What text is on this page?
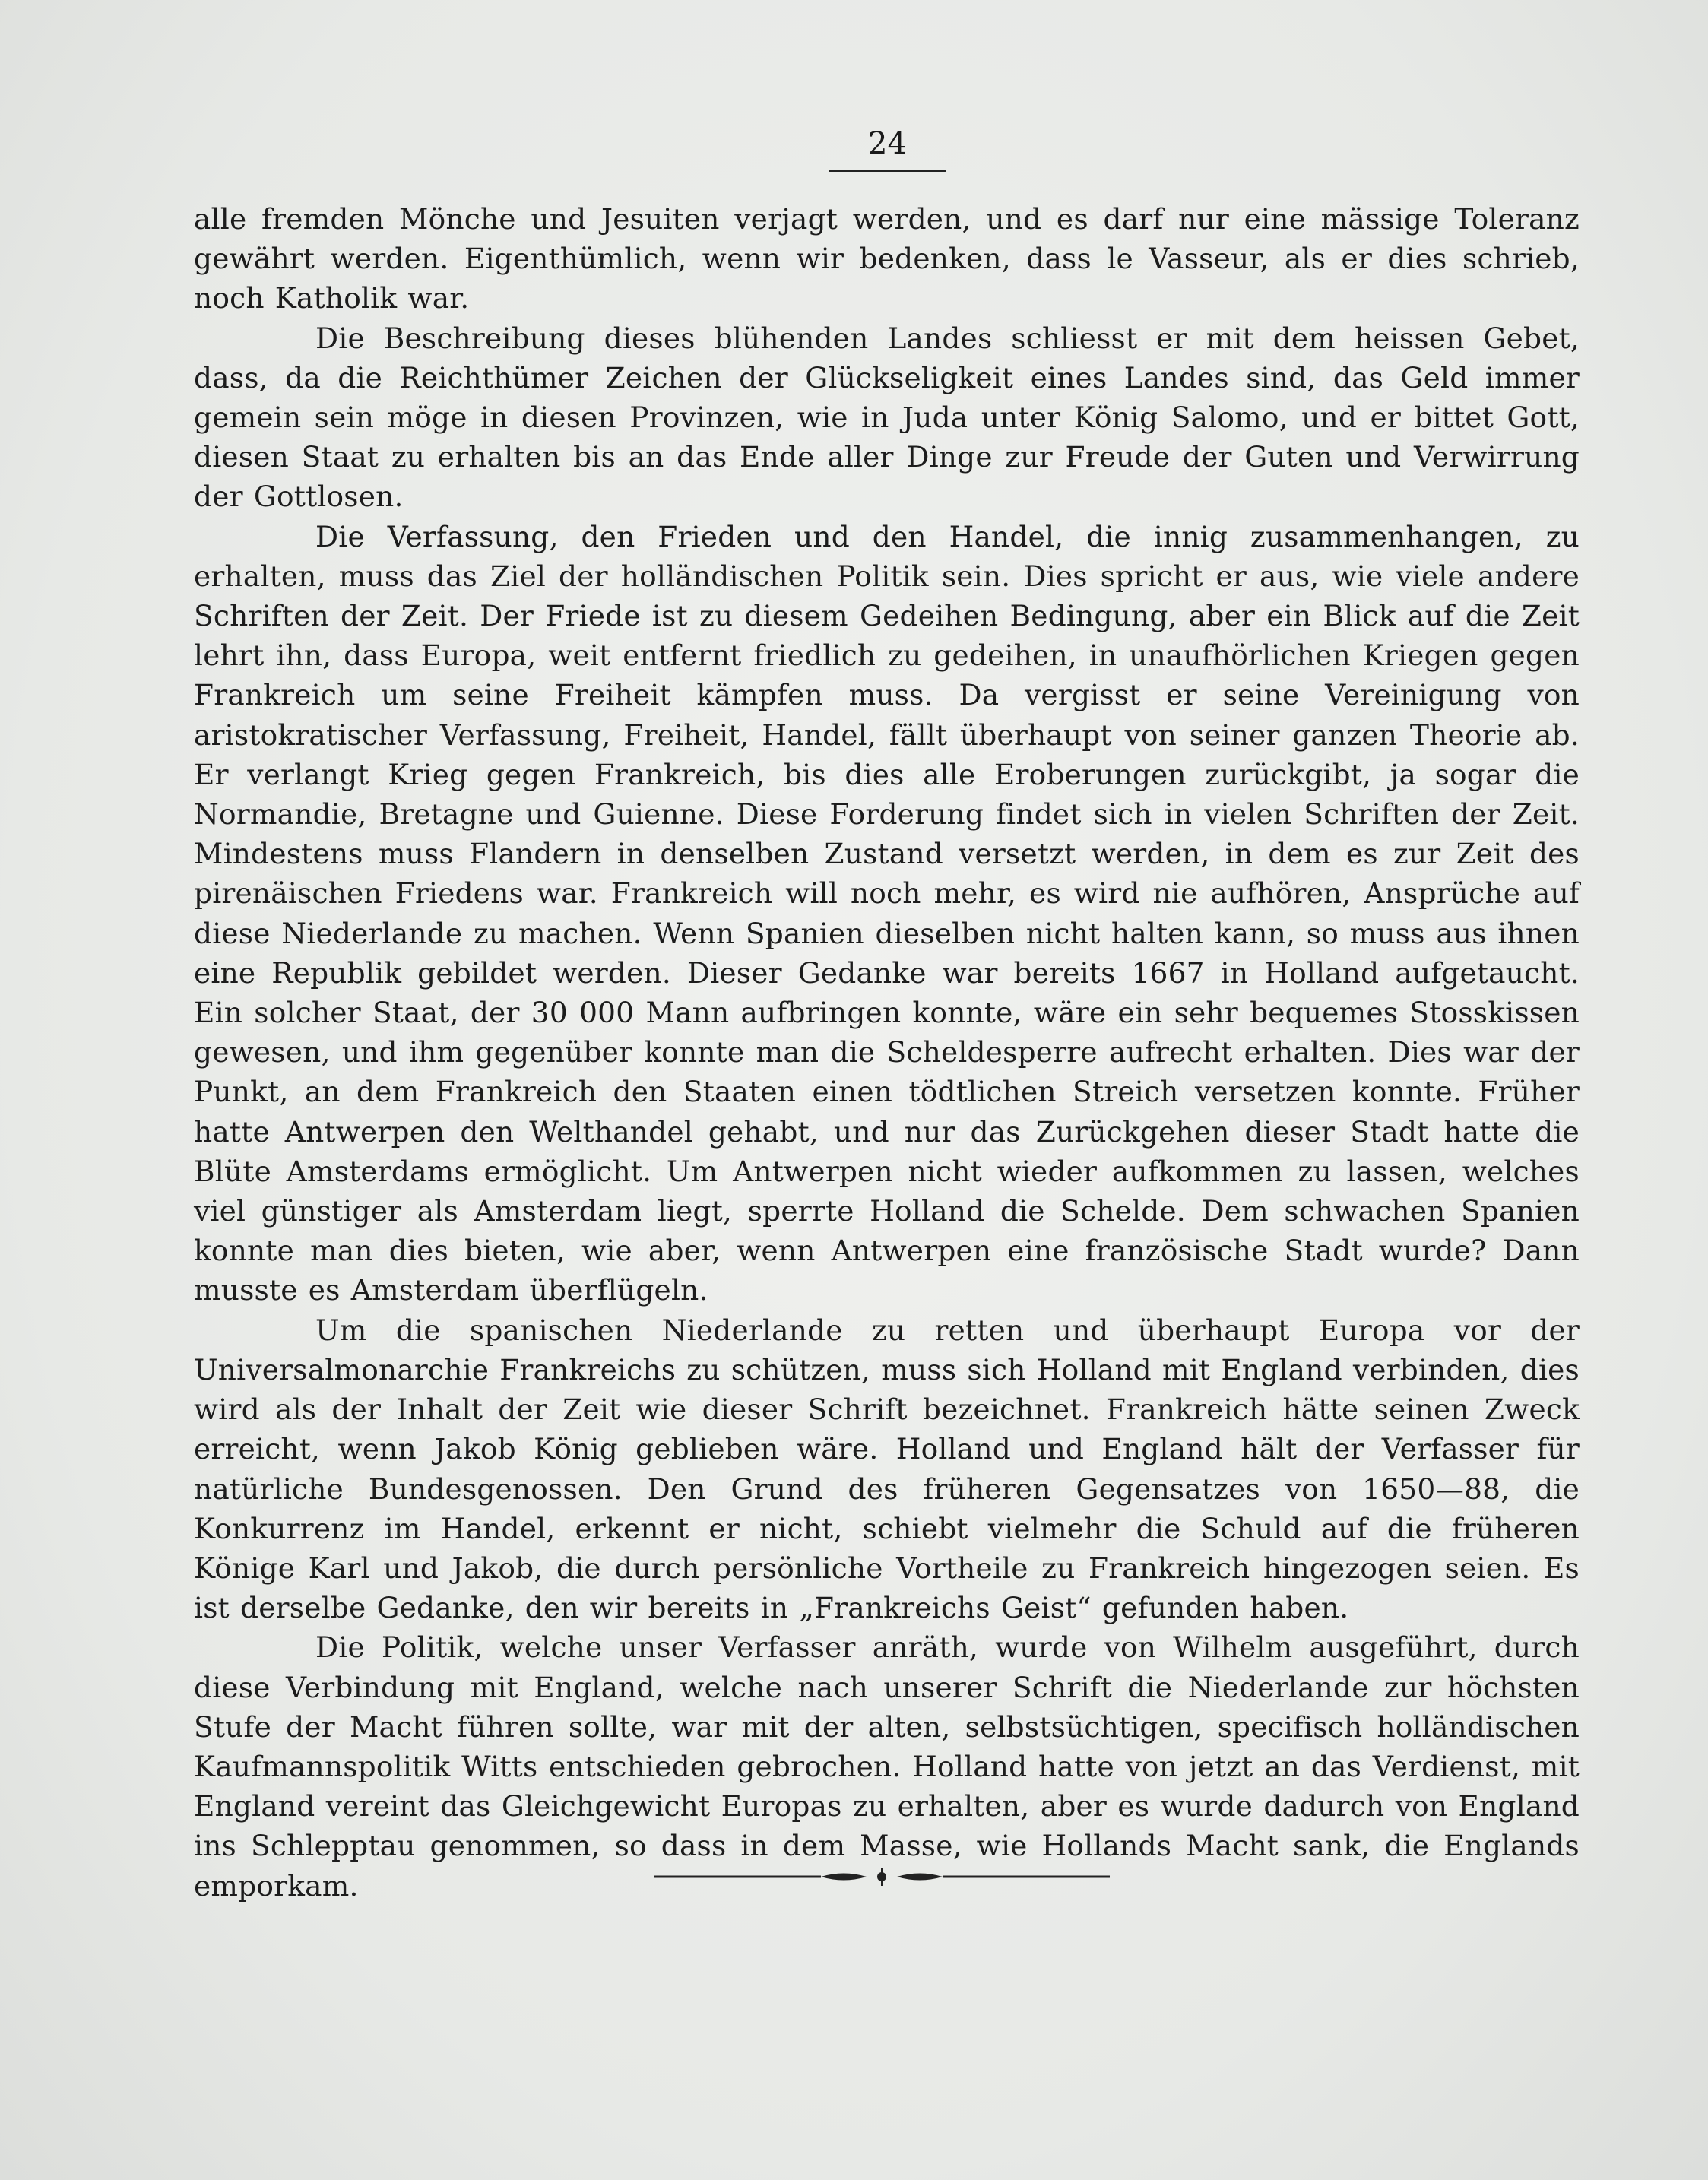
24

alle fremden Mönche und Jesuiten verjagt werden, und es darf nur eine mässige Toleranz gewährt werden. Eigenthümlich, wenn wir bedenken, dass le Vasseur, als er dies schrieb, noch Katholik war.

Die Beschreibung dieses blühenden Landes schliesst er mit dem heissen Gebet, dass, da die Reichthümer Zeichen der Glückseligkeit eines Landes sind, das Geld immer gemein sein möge in diesen Provinzen, wie in Juda unter König Salomo, und er bittet Gott, diesen Staat zu erhalten bis an das Ende aller Dinge zur Freude der Guten und Verwirrung der Gottlosen.

Die Verfassung, den Frieden und den Handel, die innig zusammenhangen, zu erhalten, muss das Ziel der holländischen Politik sein. Dies spricht er aus, wie viele andere Schriften der Zeit. Der Friede ist zu diesem Gedeihen Bedingung, aber ein Blick auf die Zeit lehrt ihn, dass Europa, weit entfernt friedlich zu gedeihen, in unaufhörlichen Kriegen gegen Frankreich um seine Freiheit kämpfen muss. Da vergisst er seine Vereinigung von aristokratischer Verfassung, Freiheit, Handel, fällt überhaupt von seiner ganzen Theorie ab. Er verlangt Krieg gegen Frankreich, bis dies alle Eroberungen zurückgibt, ja sogar die Normandie, Bretagne und Guienne. Diese Forderung findet sich in vielen Schriften der Zeit. Mindestens muss Flandern in denselben Zustand versetzt werden, in dem es zur Zeit des pirenäischen Friedens war. Frankreich will noch mehr, es wird nie aufhören, Ansprüche auf diese Niederlande zu machen. Wenn Spanien dieselben nicht halten kann, so muss aus ihnen eine Republik gebildet werden. Dieser Gedanke war bereits 1667 in Holland aufgetaucht. Ein solcher Staat, der 30 000 Mann aufbringen konnte, wäre ein sehr bequemes Stosskissen gewesen, und ihm gegenüber konnte man die Scheldesperre aufrecht erhalten. Dies war der Punkt, an dem Frankreich den Staaten einen tödtlichen Streich versetzen konnte. Früher hatte Antwerpen den Welthandel gehabt, und nur das Zurückgehen dieser Stadt hatte die Blüte Amsterdams ermöglicht. Um Antwerpen nicht wieder aufkommen zu lassen, welches viel günstiger als Amsterdam liegt, sperrte Holland die Schelde. Dem schwachen Spanien konnte man dies bieten, wie aber, wenn Antwerpen eine französische Stadt wurde? Dann musste es Amsterdam überflügeln.

Um die spanischen Niederlande zu retten und überhaupt Europa vor der Universalmonarchie Frankreichs zu schützen, muss sich Holland mit England verbinden, dies wird als der Inhalt der Zeit wie dieser Schrift bezeichnet. Frankreich hätte seinen Zweck erreicht, wenn Jakob König geblieben wäre. Holland und England hält der Verfasser für natürliche Bundesgenossen. Den Grund des früheren Gegensatzes von 1650—88, die Konkurrenz im Handel, erkennt er nicht, schiebt vielmehr die Schuld auf die früheren Könige Karl und Jakob, die durch persönliche Vortheile zu Frankreich hingezogen seien. Es ist derselbe Gedanke, den wir bereits in „Frankreichs Geist“ gefunden haben.

Die Politik, welche unser Verfasser anräth, wurde von Wilhelm ausgeführt, durch diese Verbindung mit England, welche nach unserer Schrift die Niederlande zur höchsten Stufe der Macht führen sollte, war mit der alten, selbstsüchtigen, specifisch holländischen Kaufmannspolitik Witts entschieden gebrochen. Holland hatte von jetzt an das Verdienst, mit England vereint das Gleichgewicht Europas zu erhalten, aber es wurde dadurch von England ins Schlepptau genommen, so dass in dem Masse, wie Hollands Macht sank, die Englands emporkam.
